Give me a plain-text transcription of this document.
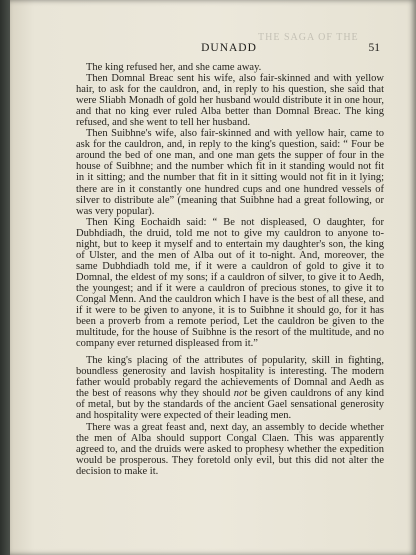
THE SAGA OF THE
DUNADD	51

The king refused her, and she came away.

Then Domnal Breac sent his wife, also fair-skinned and with yellow hair, to ask for the cauldron, and, in reply to his question, she said that were Sliabh Monadh of gold her husband would distribute it in one hour, and that no king ever ruled Alba better than Domnal Breac. The king refused, and she went to tell her husband.

Then Suibhne's wife, also fair-skinned and with yellow hair, came to ask for the cauldron, and, in reply to the king's question, said: “ Four be around the bed of one man, and one man gets the supper of four in the house of Suibhne; and the number which fit in it standing would not fit in it sitting; and the number that fit in it sitting would not fit in it lying; there are in it constantly one hundred cups and one hundred vessels of silver to distribute ale” (meaning that Suibhne had a great following, or was very popular).

Then King Eochaidh said: “ Be not displeased, O daughter, for Dubhdiadh, the druid, told me not to give my cauldron to anyone to-night, but to keep it myself and to entertain my daughter's son, the king of Ulster, and the men of Alba out of it to-night. And, moreover, the same Dubhdiadh told me, if it were a cauldron of gold to give it to Domnal, the eldest of my sons; if a cauldron of silver, to give it to Aedh, the youngest; and if it were a cauldron of precious stones, to give it to Congal Menn. And the cauldron which I have is the best of all these, and if it were to be given to anyone, it is to Suibhne it should go, for it has been a proverb from a remote period, Let the cauldron be given to the multitude, for the house of Suibhne is the resort of the multitude, and no company ever returned displeased from it.”

The king's placing of the attributes of popularity, skill in fighting, boundless generosity and lavish hospitality is interesting. The modern father would probably regard the achievements of Domnal and Aedh as the best of reasons why they should not be given cauldrons of any kind of metal, but by the standards of the ancient Gael sensational generosity and hospitality were expected of their leading men.

There was a great feast and, next day, an assembly to decide whether the men of Alba should support Congal Claen. This was apparently agreed to, and the druids were asked to prophesy whether the expedition would be prosperous. They foretold only evil, but this did not alter the decision to make it.
